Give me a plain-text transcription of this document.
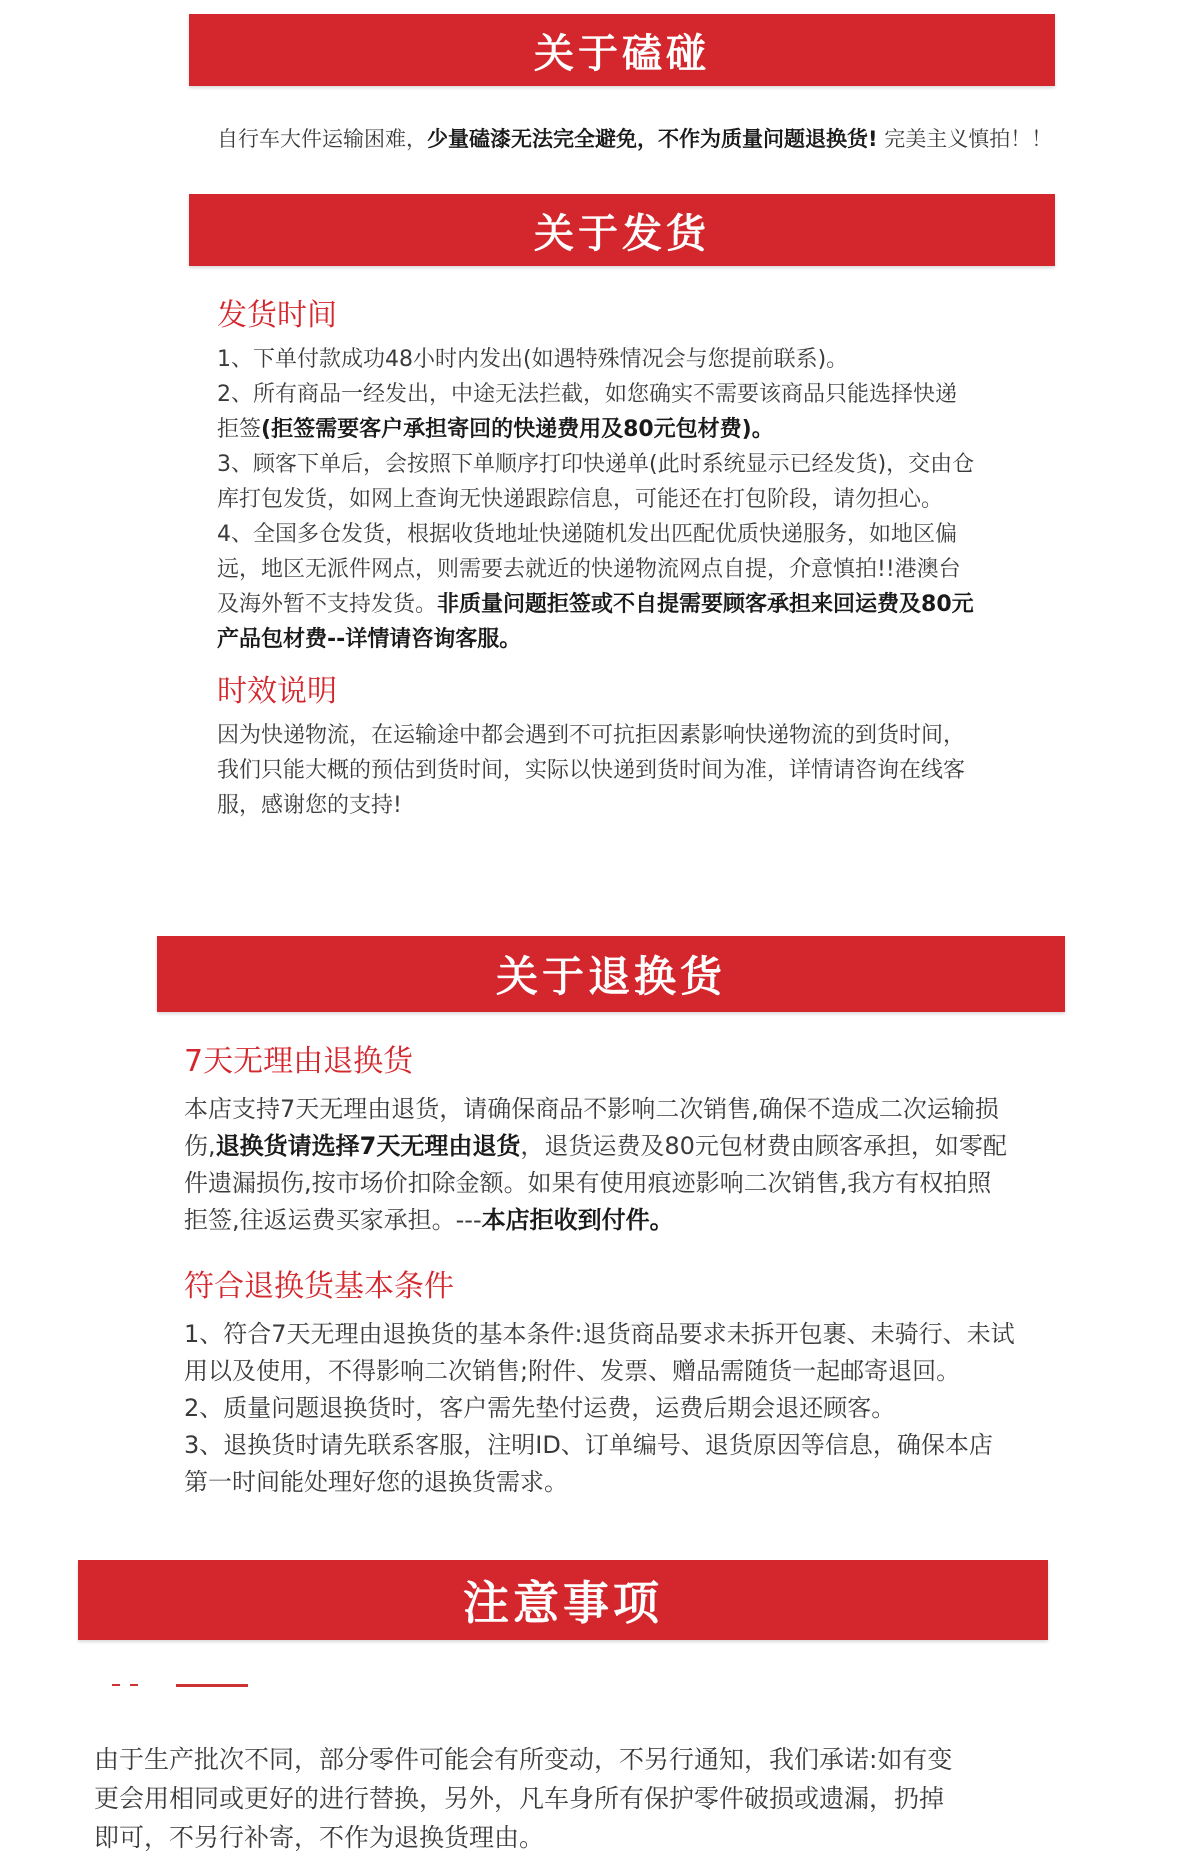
关于磕碰
自行车大件运输困难，少量磕漆无法完全避免，不作为质量问题退换货! 完美主义慎拍！！
关于发货
发货时间
1、下单付款成功48小时内发出(如遇特殊情况会与您提前联系)。
2、所有商品一经发出，中途无法拦截，如您确实不需要该商品只能选择快递
拒签(拒签需要客户承担寄回的快递费用及80元包材费)。
3、顾客下单后，会按照下单顺序打印快递单(此时系统显示已经发货)，交由仓
库打包发货，如网上查询无快递跟踪信息，可能还在打包阶段，请勿担心。
4、全国多仓发货，根据收货地址快递随机发出匹配优质快递服务，如地区偏
远，地区无派件网点，则需要去就近的快递物流网点自提，介意慎拍!!港澳台
及海外暂不支持发货。非质量问题拒签或不自提需要顾客承担来回运费及80元
产品包材费--详情请咨询客服。
时效说明
因为快递物流，在运输途中都会遇到不可抗拒因素影响快递物流的到货时间，
我们只能大概的预估到货时间，实际以快递到货时间为准，详情请咨询在线客
服，感谢您的支持!
关于退换货
7天无理由退换货
本店支持7天无理由退货，请确保商品不影响二次销售,确保不造成二次运输损
伤,退换货请选择7天无理由退货，退货运费及80元包材费由顾客承担，如零配
件遗漏损伤,按市场价扣除金额。如果有使用痕迹影响二次销售,我方有权拍照
拒签,往返运费买家承担。---本店拒收到付件。
符合退换货基本条件
1、符合7天无理由退换货的基本条件:退货商品要求未拆开包裹、未骑行、未试
用以及使用，不得影响二次销售;附件、发票、赠品需随货一起邮寄退回。
2、质量问题退换货时，客户需先垫付运费，运费后期会退还顾客。
3、退换货时请先联系客服，注明ID、订单编号、退货原因等信息，确保本店
第一时间能处理好您的退换货需求。
注意事项
由于生产批次不同，部分零件可能会有所变动，不另行通知，我们承诺:如有变
更会用相同或更好的进行替换，另外，凡车身所有保护零件破损或遗漏，扔掉
即可，不另行补寄，不作为退换货理由。
